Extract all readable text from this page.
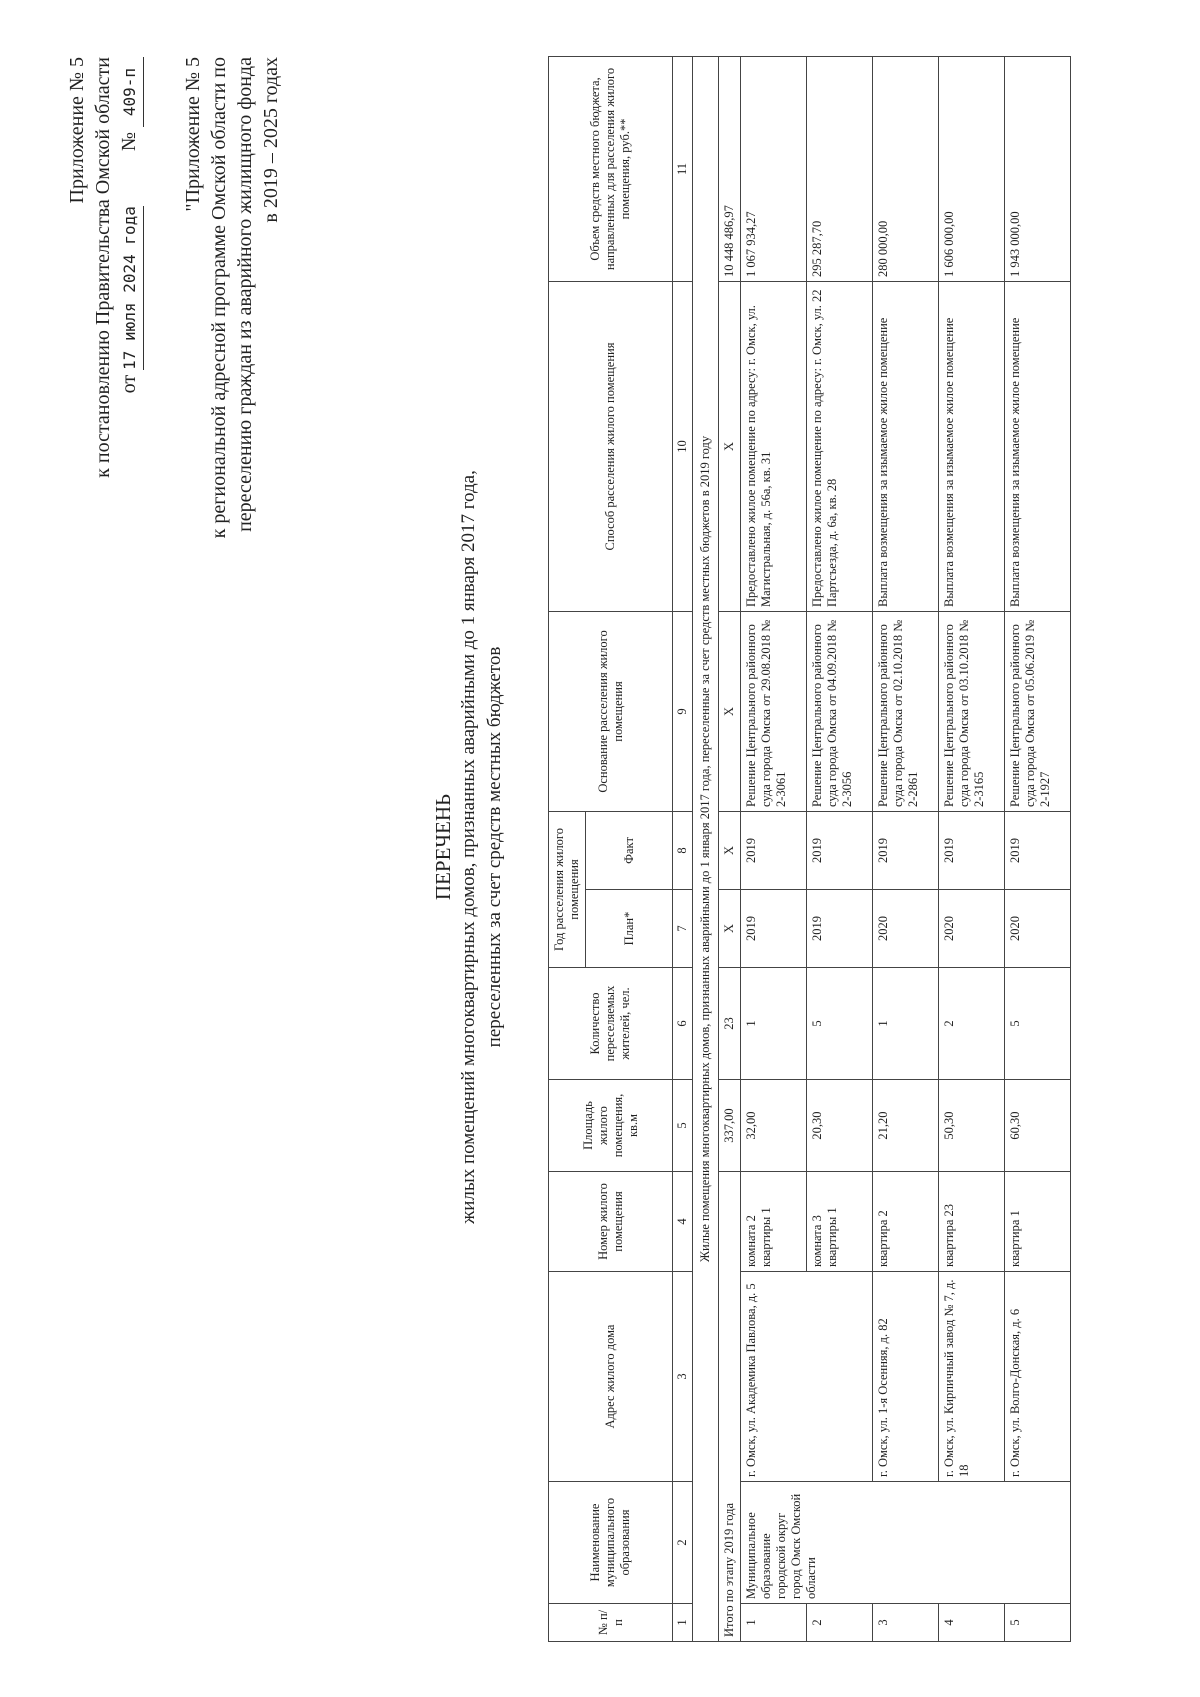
Приложение № 5 к постановлению Правительства Омской области от 17 июля 2024 года           № 409-п "Приложение № 5 к региональной адресной программе Омской области по переселению граждан из аварийного жилищного фонда в 2019 – 2025 годах
ПЕРЕЧЕНЬ жилых помещений многоквартирных домов, признанных аварийными до 1 января 2017 года, переселенных за счет средств местных бюджетов
№ п/п	Наименование муниципального образования	Адрес жилого дома	Номер жилого помещения	Площадь жилого помещения, кв.м	Количество переселяемых жителей, чел.	Год расселения жилого помещения		Основание расселения жилого помещения	Способ расселения жилого помещения	Объем средств местного бюджета, направленных для расселения жилого помещения, руб.**
						План*	Факт			
1	2	3	4	5	6	7	8	9	10	11
Жилые помещения многоквартирных домов, признанных аварийными до 1 января 2017 года, переселенные за счет средств местных бюджетов в 2019 году										
Итого по этапу 2019 года				337,00	23	X	X	X	X	10 448 486,97
1	Муниципальное образование городской округ город Омск Омской области	г. Омск, ул. Академика Павлова, д. 5	комната 2 квартиры 1	32,00	1	2019	2019	Решение Центрального районного суда города Омска от 29.08.2018 № 2-3061	Предоставлено жилое помещение по адресу: г. Омск, ул. Магистральная, д. 56а, кв. 31	1 067 934,27
2			комната 3 квартиры 1	20,30	5	2019	2019	Решение Центрального районного суда города Омска от 04.09.2018 № 2-3056	Предоставлено жилое помещение по адресу: г. Омск, ул. 22 Партсъезда, д. 6а, кв. 28	295 287,70
3		г. Омск, ул. 1-я Осенняя, д. 82	квартира 2	21,20	1	2020	2019	Решение Центрального районного суда города Омска от 02.10.2018 № 2-2861	Выплата возмещения за изымаемое жилое помещение	280 000,00
4		г. Омск, ул. Кирпичный завод № 7, д. 18	квартира 23	50,30	2	2020	2019	Решение Центрального районного суда города Омска от 03.10.2018 № 2-3165	Выплата возмещения за изымаемое жилое помещение	1 606 000,00
5		г. Омск, ул. Волго-Донская, д. 6	квартира 1	60,30	5	2020	2019	Решение Центрального районного суда города Омска от 05.06.2019 № 2-1927	Выплата возмещения за изымаемое жилое помещение	1 943 000,00
